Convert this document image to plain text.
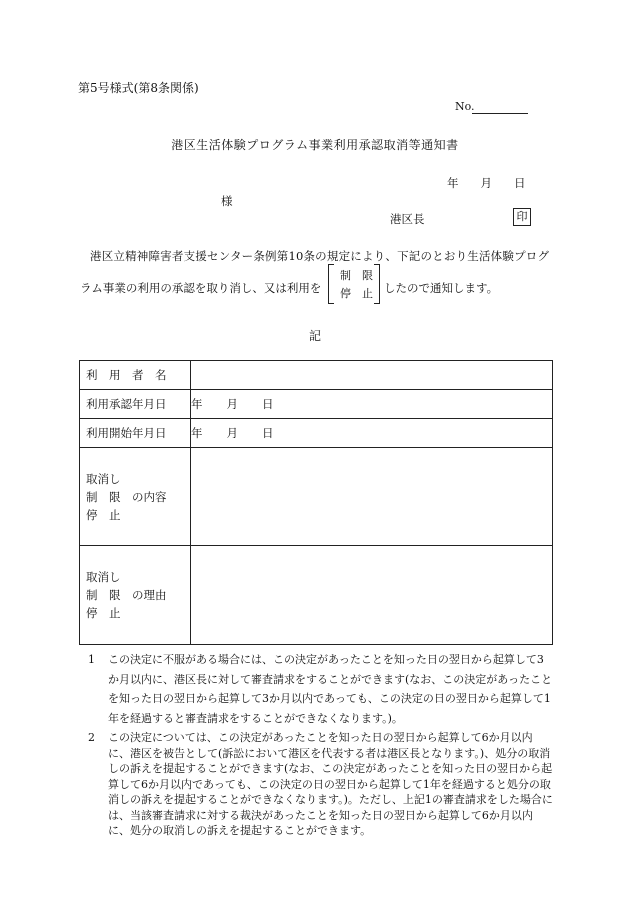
第5号様式(第8条関係)
No.
港区生活体験プログラム事業利用承認取消等通知書
年 月 日
様
港区長	印
港区立精神障害者支援センター条例第10条の規定により、下記のとおり生活体験プログ
ラム事業の利用の承認を取り消し、又は利用を
制　限
停　止 したので通知します。
記
利　用　者　名	
利用承認年月日	年 月 日
利用開始年月日	年 月 日

取消し
制　限　の内容
停　止	

取消し
制　限　の理由
停　止	

1 この決定に不服がある場合には、この決定があったことを知った日の翌日から起算して3か月以内に、港区長に対して審査請求をすることができます(なお、この決定があったことを知った日の翌日から起算して3か月以内であっても、この決定の日の翌日から起算して1年を経過すると審査請求をすることができなくなります。)。
2 この決定については、この決定があったことを知った日の翌日から起算して6か月以内に、港区を被告として(訴訟において港区を代表する者は港区長となります。)、処分の取消しの訴えを提起することができます(なお、この決定があったことを知った日の翌日から起算して6か月以内であっても、この決定の日の翌日から起算して1年を経過すると処分の取消しの訴えを提起することができなくなります。)。ただし、上記1の審査請求をした場合には、当該審査請求に対する裁決があったことを知った日の翌日から起算して6か月以内に、処分の取消しの訴えを提起することができます。
